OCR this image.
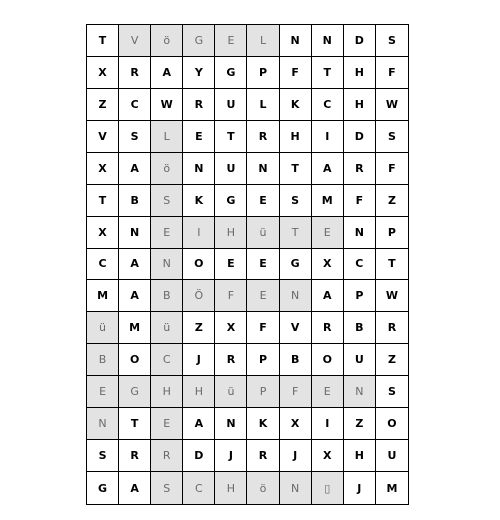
T	V	ö	G	E	L	N	N	D	S
X	R	A	Y	G	P	F	T	H	F
Z	C	W	R	U	L	K	C	H	W
V	S	L	E	T	R	H	I	D	S
X	A	ö	N	U	N	T	A	R	F
T	B	S	K	G	E	S	M	F	Z
X	N	E	I	H	ü	T	E	N	P
C	A	N	O	E	E	G	X	C	T
M	A	B	Ö	F	E	N	A	P	W
ü	M	ü	Z	X	F	V	R	B	R
B	O	C	J	R	P	B	O	U	Z
E	G	H	H	ü	P	F	E	N	S
N	T	E	A	N	K	X	I	Z	O
S	R	R	D	J	R	J	X	H	U
G	A	S	C	H	ö	N	▯	J	M
